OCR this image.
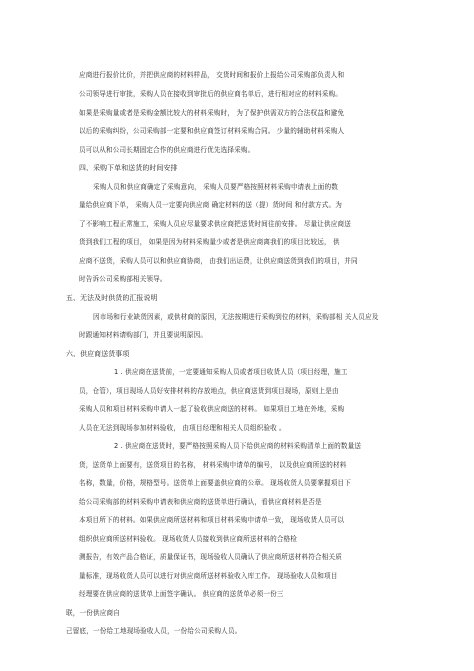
应商进行报价比价，并把供应商的材料样品， 交货时间和报价上报给公司采购部负责人和
公司领导进行审批，采购人员在接收到审批后的供应商名单后，进行相对应的材料采购。
如果是采购量或者是采购金额比较大的材料采购时， 为了保护供需双方的合法权益和避免
以后的采购纠纷，公司采购部一定要和供应商签订材料采购合同。 少量的辅助材料采购人
员可以从和公司长期固定合作的供应商进行优先选择采购。
四、采购下单和送货的时间安排
采购人员和供应商确定了采购意向， 采购人员要严格按照材料采购申请表上面的数
量给供应商下单， 采购人员一定要向供应商 确定材料的送（提）货时间 和付款方式。为
了不影响工程正常施工，采购人员应尽量要求供应商把送货时间往前安排。 尽量让供应商送
货到我们工程的项目， 如果是因为材料采购量少或者是供应商离我们的项目比较远， 供
应商不送货，采购人员可以和供应商协商， 由我们出运费，让供应商送货到我们的项目，并同
时告诉公司采购部相关领导。
五、无法及时供货的汇报说明
因市场和行业缺货因素，或供材商的原因，无法按期进行采购到位的材料，采购部相 关人员应及
时跟通知材料请购部门，并且要说明原因。
六、供应商送货事项
1 . 供应商在送货前，一定要通知采购人员或者项目收货人员（项目经理，施工
员，仓管），项目现场人员好安排材料的存放地点，供应商送货到项目现场，原则上是由
采购人员和项目材料采购申请人一起了验收供应商送的材料。 如果项目工地在外地，采购
人员在无法到现场参加材料验收， 由项目经理和相关人员组织验收 。
2 . 供应商在送货时，要严格按照采购人员下给供应商的材料采购清单上面的数量送
货，送货单上面要有，送货项目的名称， 材料采购申请单的编号， 以及供应商所送的材料
名称，数量，价格，规格型号。送货单上面要盖供应商的公章。 现场收货人员要掌握项目下
给公司采购部的材料采购申请表和供应商的送货单进行确认，看供应商材料是否是
本项目所下的材料。如果供应商所送材料和项目材料采购申请单一致， 现场收货人员可以
组织供应商所送材料验收。 现场收货人员接收到供应商所送材料的合格检
测报告，有效产品合格证，质量保证书，现场验收人员确认了供应商所送材料符合相关质
量标准，现场收货人员可以进行对供应商所送材料验收入库工作。 现场验收人员和项目
经理要在供应商的送货单上面签字确认。 供应商的送货单必须一份三
联，一份供应商自
己留底，一份给工地现场验收人员，一份给公司采购人员。
